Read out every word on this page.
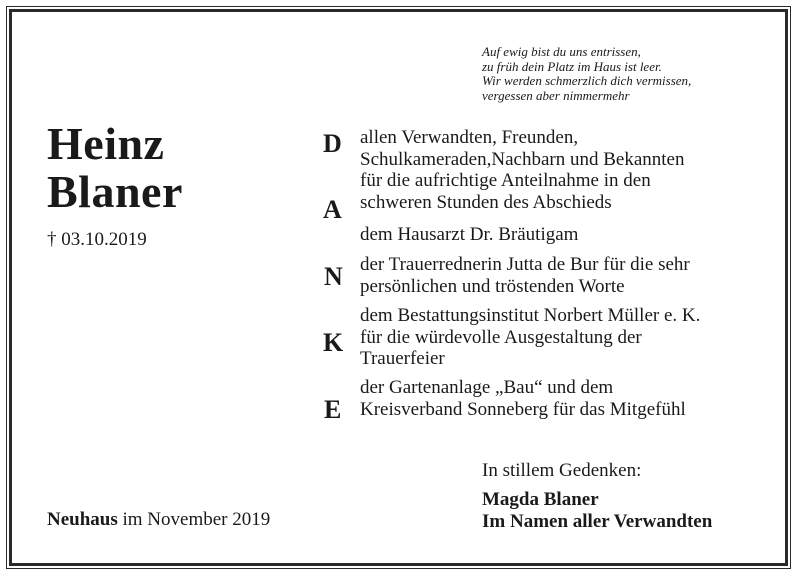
Auf ewig bist du uns entrissen,
zu früh dein Platz im Haus ist leer.
Wir werden schmerzlich dich vermissen,
vergessen aber nimmermehr
Heinz
Blaner
† 03.10.2019
D
A
N
K
E
allen Verwandten, Freunden,
Schulkameraden,Nachbarn und Bekannten
für die aufrichtige Anteilnahme in den
schweren Stunden des Abschieds
dem Hausarzt Dr. Bräutigam
der Trauerrednerin Jutta de Bur für die sehr
persönlichen und tröstenden Worte
dem Bestattungsinstitut Norbert Müller e. K.
für die würdevolle Ausgestaltung der
Trauerfeier
der Gartenanlage „Bau“ und dem
Kreisverband Sonneberg für das Mitgefühl
In stillem Gedenken:
Magda Blaner
Im Namen aller Verwandten
Neuhaus im November 2019
